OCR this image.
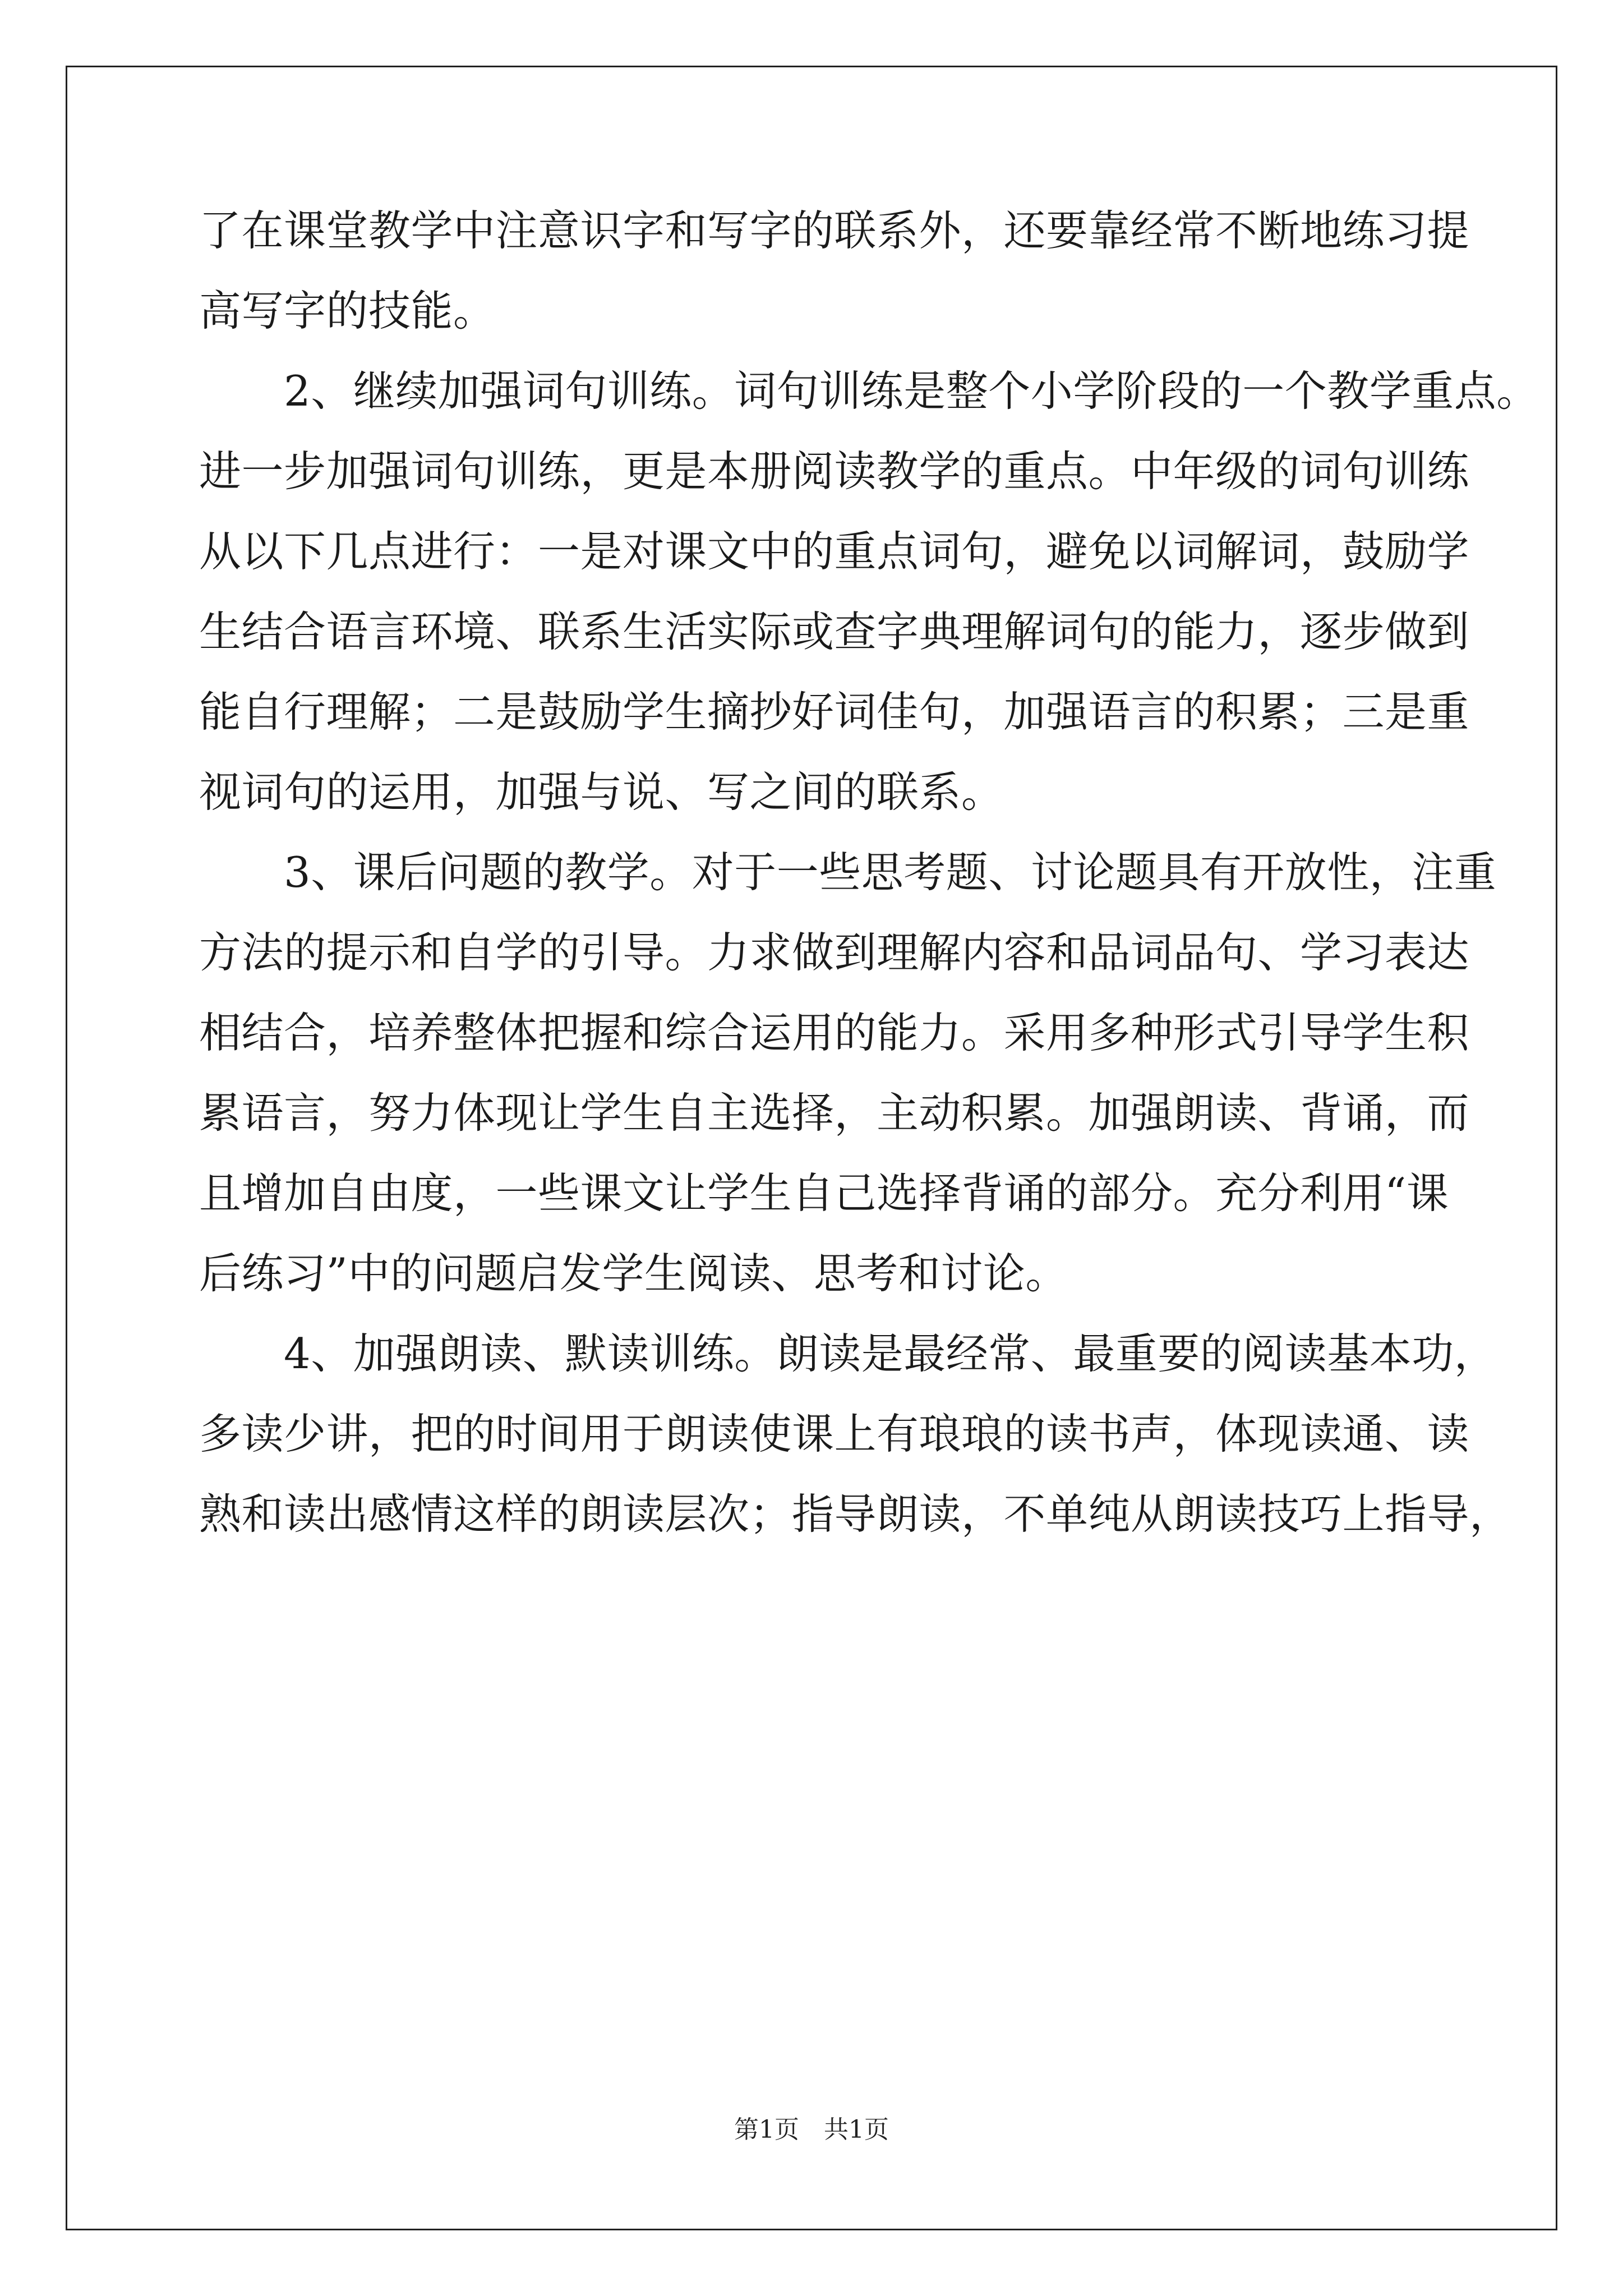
了在课堂教学中注意识字和写字的联系外，还要靠经常不断地练习提
高写字的技能。
　　2、继续加强词句训练。词句训练是整个小学阶段的一个教学重点。
进一步加强词句训练，更是本册阅读教学的重点。中年级的词句训练
从以下几点进行：一是对课文中的重点词句，避免以词解词，鼓励学
生结合语言环境、联系生活实际或查字典理解词句的能力，逐步做到
能自行理解；二是鼓励学生摘抄好词佳句，加强语言的积累；三是重
视词句的运用，加强与说、写之间的联系。
　　3、课后问题的教学。对于一些思考题、讨论题具有开放性，注重
方法的提示和自学的引导。力求做到理解内容和品词品句、学习表达
相结合，培养整体把握和综合运用的能力。采用多种形式引导学生积
累语言，努力体现让学生自主选择，主动积累。加强朗读、背诵，而
且增加自由度，一些课文让学生自己选择背诵的部分。充分利用“课
后练习”中的问题启发学生阅读、思考和讨论。
　　4、加强朗读、默读训练。朗读是最经常、最重要的阅读基本功，
多读少讲，把的时间用于朗读使课上有琅琅的读书声，体现读通、读
熟和读出感情这样的朗读层次；指导朗读，不单纯从朗读技巧上指导，

第1页　共1页
